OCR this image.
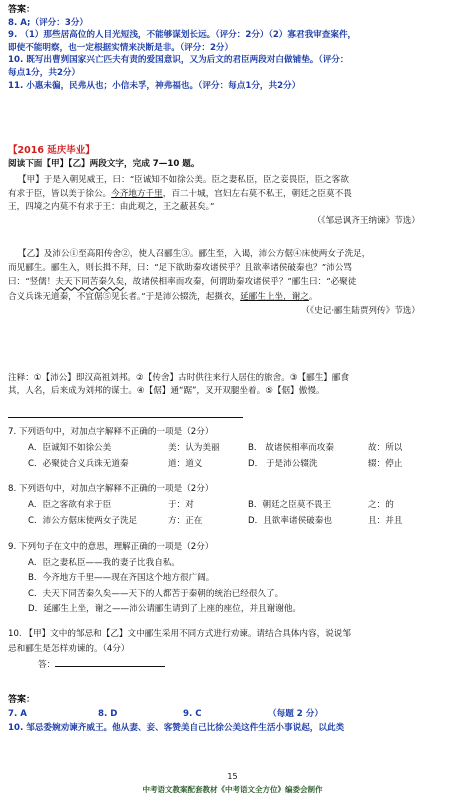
答案：
8. A;（评分：3分）
9. （1）那些居高位的人目光短浅，不能够谋划长远。（评分：2分）（2）寡君我审查案件，
即使不能明察，也一定根据实情来决断是非。（评分：2分）
10. 既写出曹刿国家兴亡匹夫有责的爱国意识，又为后文的君臣两段对白做铺垫。（评分：
每点1分，共2分）
11. 小惠未徧，民弗从也；小信未孚，神弗福也。（评分：每点1分，共2分）
【2016 延庆毕业】
阅读下面【甲】【乙】两段文字，完成 7—10 题。
【甲】于是入朝见威王，曰：“臣诚知不如徐公美。臣之妻私臣，臣之妾畏臣，臣之客欲
有求于臣，皆以美于徐公。今齐地方千里，百二十城，宫妇左右莫不私王，朝廷之臣莫不畏
王，四境之内莫不有求于王：由此观之，王之蔽甚矣。”
（《邹忌讽齐王纳谏》节选）
【乙】及沛公①至高阳传舍②，使人召郦生③。郦生至，入谒，沛公方倨④床使两女子洗足，
而见郦生。郦生入，则长揖不拜，曰：“足下欲助秦攻诸侯乎？且欲率诸侯破秦也？”沛公骂
曰：“竖儒！夫天下同苦秦久矣，故诸侯相率而攻秦，何谓助秦攻诸侯乎？”郦生曰：“必聚徒
合义兵诛无道秦，不宜倨⑤见长者。”于是沛公辍洗，起摄衣，延郦生上坐，谢之。
（《史记·郦生陆贾列传》节选）
注释：①【沛公】即汉高祖刘邦。②【传舍】古时供往来行人居住的旅舍。③【郦生】郦食
其，人名，后来成为刘邦的谋士。④【倨】通“踞”，叉开双腿坐着。⑤【倨】傲慢。
7. 下列语句中，对加点字解释不正确的一项是（2分）
A．臣诚知不如徐公美	美：认为美丽	B． 故诸侯相率而攻秦	故：所以
C．必聚徒合义兵诛无道秦	道：道义	D． 于是沛公辍洗	辍：停止
8. 下列语句中，对加点字解释不正确的一项是（2分）
A．臣之客欲有求于臣	于：对	B．朝廷之臣莫不畏王	之：的
C．沛公方倨床使两女子洗足	方：正在	D．且欲率诸侯破秦也	且：并且
9. 下列句子在文中的意思，理解正确的一项是（2分）
A．臣之妻私臣——我的妻子比我自私。
B．今齐地方千里——现在齐国这个地方很广阔。
C．夫天下同苦秦久矣——天下的人都苦于秦朝的统治已经很久了。
D．延郦生上坐，谢之——沛公请郦生请到了上座的座位，并且谢谢他。
10. 【甲】文中的邹忌和【乙】文中郦生采用不同方式进行劝谏。请结合具体内容，说说邹
忌和郦生是怎样劝谏的。（4分）
答：
答案：
7. A	8. D	9. C	（每题 2 分）
10. 邹忌委婉劝谏齐威王。他从妻、妾、客赞美自己比徐公美这件生活小事说起，以此类
15
中考语文教案配套教材《中考语文全方位》编委会制作
